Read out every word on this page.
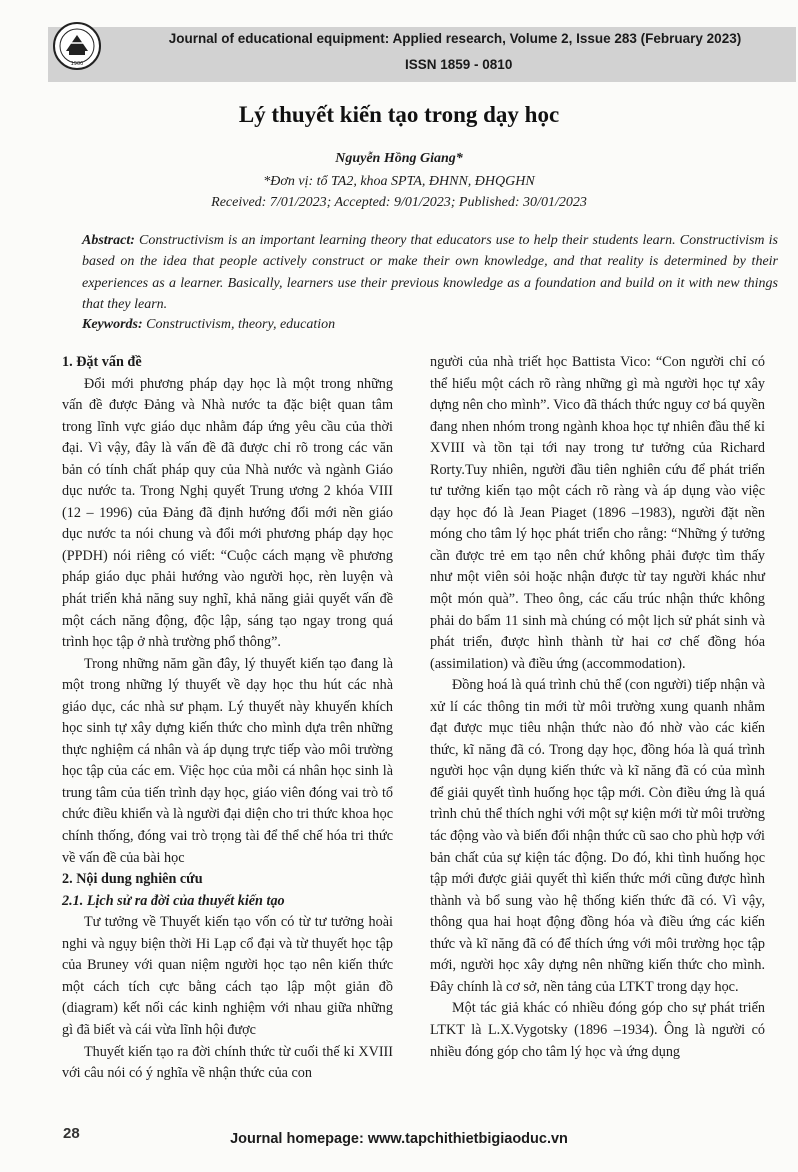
1900
Journal of educational equipment: Applied research, Volume 2, Issue 283 (February 2023)
ISSN 1859 - 0810
Lý thuyết kiến tạo trong dạy học
Nguyễn Hồng Giang*
*Đơn vị: tổ TA2, khoa SPTA, ĐHNN, ĐHQGHN
Received: 7/01/2023; Accepted: 9/01/2023; Published: 30/01/2023
Abstract: Constructivism is an important learning theory that educators use to help their students learn. Constructivism is based on the idea that people actively construct or make their own knowledge, and that reality is determined by their experiences as a learner. Basically, learners use their previous knowledge as a foundation and build on it with new things that they learn.
Keywords: Constructivism, theory, education
1. Đặt vấn đề

Đổi mới phương pháp dạy học là một trong những vấn đề được Đảng và Nhà nước ta đặc biệt quan tâm trong lĩnh vực giáo dục nhằm đáp ứng yêu cầu của thời đại. Vì vậy, đây là vấn đề đã được chỉ rõ trong các văn bản có tính chất pháp quy của Nhà nước và ngành Giáo dục nước ta. Trong Nghị quyết Trung ương 2 khóa VIII (12 – 1996) của Đảng đã định hướng đổi mới nền giáo dục nước ta nói chung và đổi mới phương pháp dạy học (PPDH) nói riêng có viết: “Cuộc cách mạng về phương pháp giáo dục phải hướng vào người học, rèn luyện và phát triển khả năng suy nghĩ, khả năng giải quyết vấn đề một cách năng động, độc lập, sáng tạo ngay trong quá trình học tập ở nhà trường phổ thông”.

Trong những năm gần đây, lý thuyết kiến tạo đang là một trong những lý thuyết về dạy học thu hút các nhà giáo dục, các nhà sư phạm. Lý thuyết này khuyến khích học sinh tự xây dựng kiến thức cho mình dựa trên những thực nghiệm cá nhân và áp dụng trực tiếp vào môi trường học tập của các em. Việc học của mỗi cá nhân học sinh là trung tâm của tiến trình dạy học, giáo viên đóng vai trò tổ chức điều khiển và là người đại diện cho tri thức khoa học chính thống, đóng vai trò trọng tài để thể chế hóa tri thức về vấn đề của bài học

2. Nội dung nghiên cứu
2.1. Lịch sử ra đời của thuyết kiến tạo

Tư tưởng về Thuyết kiến tạo vốn có từ tư tưởng hoài nghi và ngụy biện thời Hi Lạp cổ đại và từ thuyết học tập của Bruney với quan niệm người học tạo nên kiến thức một cách tích cực bằng cách tạo lập một giản đồ (diagram) kết nối các kinh nghiệm với nhau giữa những gì đã biết và cái vừa lĩnh hội được

Thuyết kiến tạo ra đời chính thức từ cuối thế kỉ XVIII với câu nói có ý nghĩa về nhận thức của con

người của nhà triết học Battista Vico: “Con người chỉ có thể hiểu một cách rõ ràng những gì mà người học tự xây dựng nên cho mình”. Vico đã thách thức nguy cơ bá quyền đang nhen nhóm trong ngành khoa học tự nhiên đầu thế kỉ XVIII và tồn tại tới nay trong tư tưởng của Richard Rorty.Tuy nhiên, người đầu tiên nghiên cứu để phát triển tư tưởng kiến tạo một cách rõ ràng và áp dụng vào việc dạy học đó là Jean Piaget (1896 –1983), người đặt nền móng cho tâm lý học phát triển cho rằng: “Những ý tưởng cần được trẻ em tạo nên chứ không phải được tìm thấy như một viên sỏi hoặc nhận được từ tay người khác như một món quà”. Theo ông, các cấu trúc nhận thức không phải do bẩm 11 sinh mà chúng có một lịch sử phát sinh và phát triển, được hình thành từ hai cơ chế đồng hóa (assimilation) và điều ứng (accommodation).

Đồng hoá là quá trình chủ thể (con người) tiếp nhận và xử lí các thông tin mới từ môi trường xung quanh nhằm đạt được mục tiêu nhận thức nào đó nhờ vào các kiến thức, kĩ năng đã có. Trong dạy học, đồng hóa là quá trình người học vận dụng kiến thức và kĩ năng đã có của mình để giải quyết tình huống học tập mới. Còn điều ứng là quá trình chủ thể thích nghi với một sự kiện mới từ môi trường tác động vào và biến đổi nhận thức cũ sao cho phù hợp với bản chất của sự kiện tác động. Do đó, khi tình huống học tập mới được giải quyết thì kiến thức mới cũng được hình thành và bổ sung vào hệ thống kiến thức đã có. Vì vậy, thông qua hai hoạt động đồng hóa và điều ứng các kiến thức và kĩ năng đã có để thích ứng với môi trường học tập mới, người học xây dựng nên những kiến thức cho mình. Đây chính là cơ sở, nền tảng của LTKT trong dạy học.

Một tác giả khác có nhiều đóng góp cho sự phát triển LTKT là L.X.Vygotsky (1896 –1934). Ông là người có nhiều đóng góp cho tâm lý học và ứng dụng

28	Journal homepage: www.tapchithietbigiaoduc.vn
